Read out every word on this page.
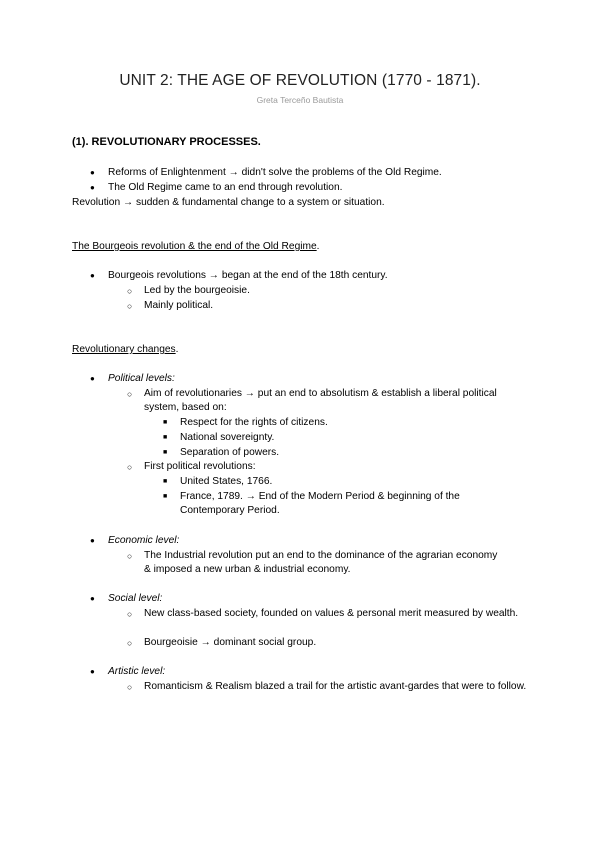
UNIT 2: THE AGE OF REVOLUTION (1770 - 1871).
Greta Terceño Bautista
(1). REVOLUTIONARY PROCESSES.
● Reforms of Enlightenment → didn't solve the problems of the Old Regime.
● The Old Regime came to an end through revolution.
Revolution → sudden & fundamental change to a system or situation.
The Bourgeois revolution & the end of the Old Regime.
● Bourgeois revolutions → began at the end of the 18th century.
○ Led by the bourgeoisie.
○ Mainly political.
Revolutionary changes.
● Political levels:
○ Aim of revolutionaries → put an end to absolutism & establish a liberal political system, based on:
■ Respect for the rights of citizens.
■ National sovereignty.
■ Separation of powers.
○ First political revolutions:
■ United States, 1766.
■ France, 1789. → End of the Modern Period & beginning of the Contemporary Period.
● Economic level:
○ The Industrial revolution put an end to the dominance of the agrarian economy & imposed a new urban & industrial economy.
● Social level:
○ New class-based society, founded on values & personal merit measured by wealth.
○ Bourgeoisie → dominant social group.
● Artistic level:
○ Romanticism & Realism blazed a trail for the artistic avant-gardes that were to follow.
